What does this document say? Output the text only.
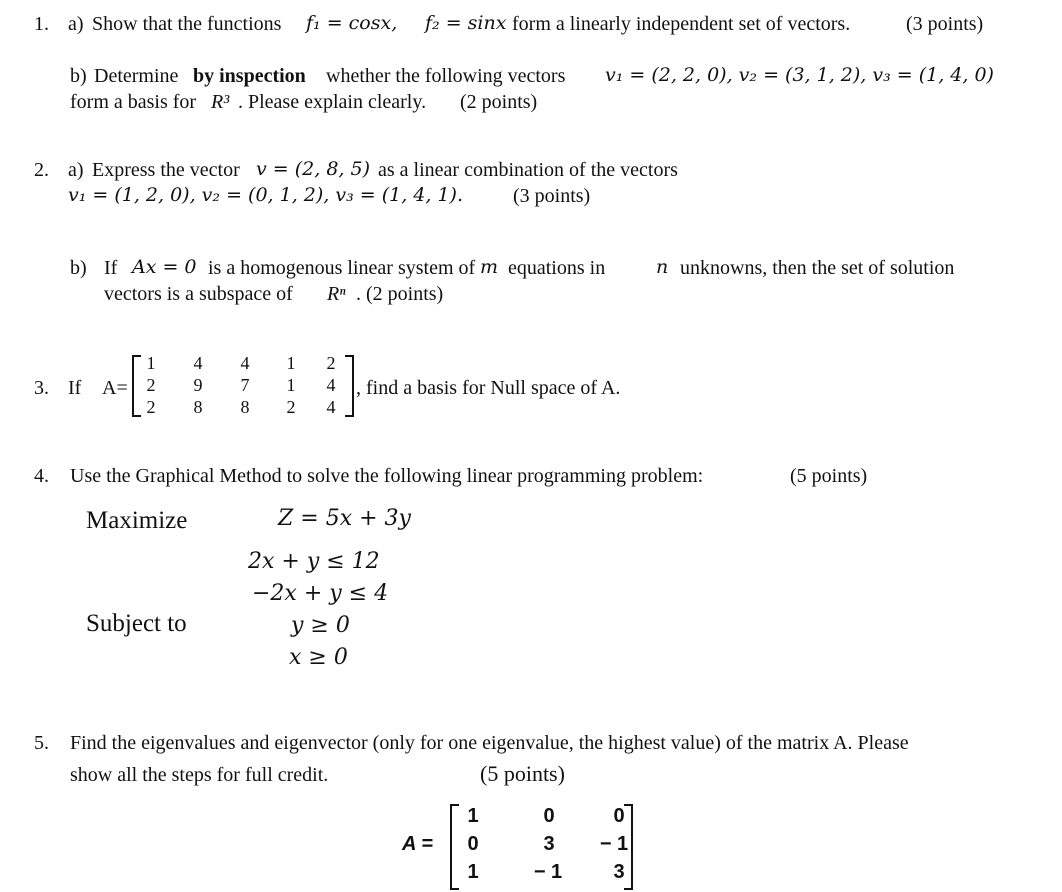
1. a) Show that the functions f₁ = cosx, f₂ = sinx form a linearly independent set of vectors.	(3 points)
b) Determine by inspection whether the following vectors v₁ = (2, 2, 0), v₂ = (3, 1, 2), v₃ = (1, 4, 0)
form a basis for R³ . Please explain clearly. (2 points)
2. a) Express the vector v = (2, 8, 5) as a linear combination of the vectors
v₁ = (1, 2, 0), v₂ = (0, 1, 2), v₃ = (1, 4, 1).	(3 points)
b) If Ax = 0 is a homogenous linear system of m equations in	n unknowns, then the set of solution
vectors is a subspace of Rⁿ . (2 points)
3. If A=
1	4	4	1	2
2	9	7	1	4
2	8	8	2	4
, find a basis for Null space of A.
4. Use the Graphical Method to solve the following linear programming problem:	(5 points)
Maximize	Z = 5x + 3y
2x + y ≤ 12
−2x + y ≤ 4
Subject to	y ≥ 0
x ≥ 0
5. Find the eigenvalues and eigenvector (only for one eigenvalue, the highest value) of the matrix A. Please
show all the steps for full credit.	(5 points)
A =
1	0	0
0	3	− 1
1	− 1	3
